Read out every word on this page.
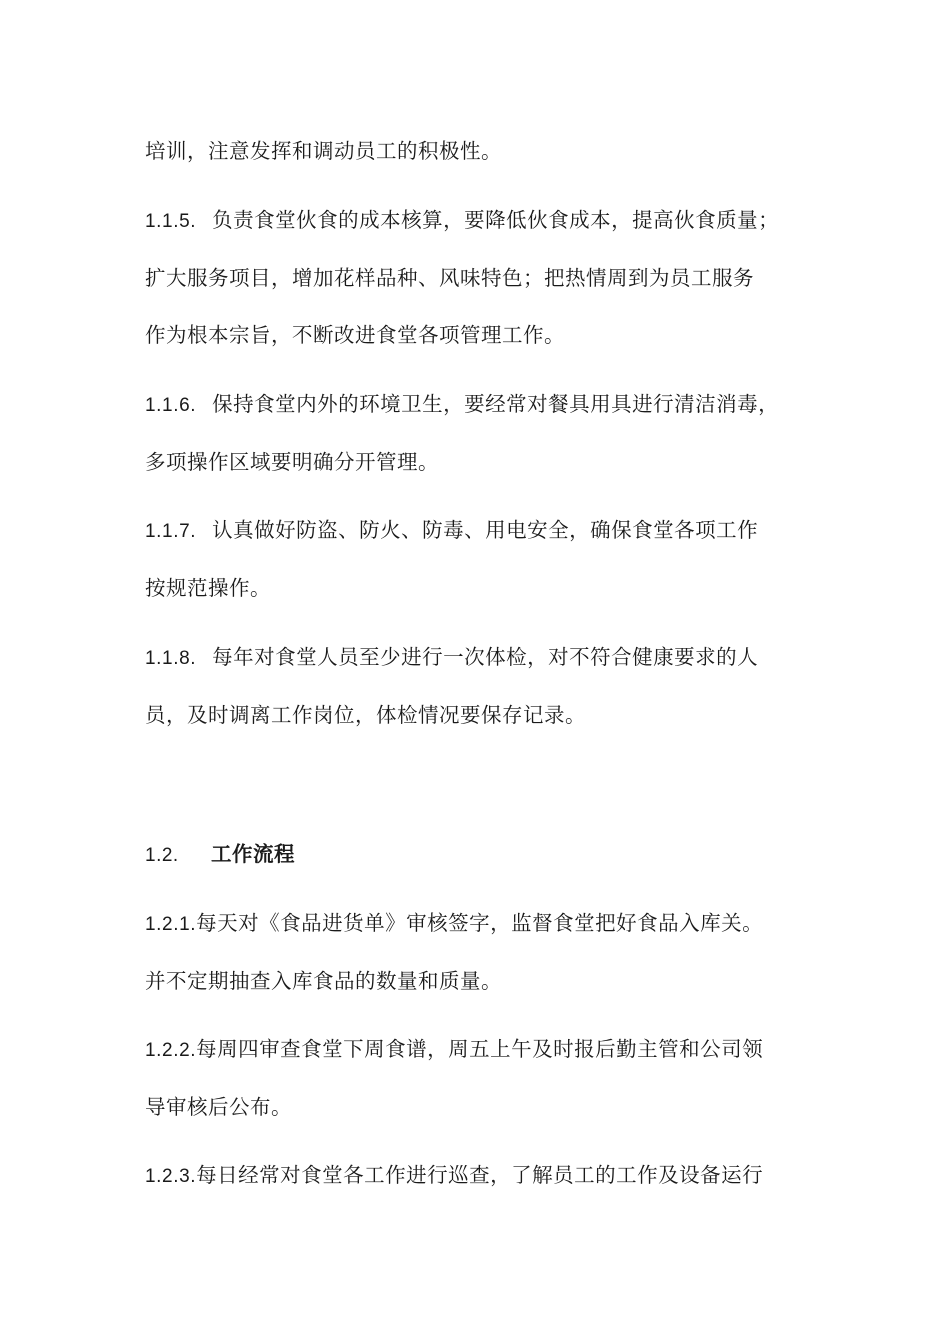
培训，注意发挥和调动员工的积极性。
1.1.5. 负责食堂伙食的成本核算，要降低伙食成本，提高伙食质量；
扩大服务项目，增加花样品种、风味特色；把热情周到为员工服务
作为根本宗旨，不断改进食堂各项管理工作。
1.1.6. 保持食堂内外的环境卫生，要经常对餐具用具进行清洁消毒，
多项操作区域要明确分开管理。
1.1.7. 认真做好防盗、防火、防毒、用电安全，确保食堂各项工作
按规范操作。
1.1.8. 每年对食堂人员至少进行一次体检，对不符合健康要求的人
员，及时调离工作岗位，体检情况要保存记录。
1.2. 工作流程
1.2.1.每天对《食品进货单》审核签字，监督食堂把好食品入库关。
并不定期抽查入库食品的数量和质量。
1.2.2.每周四审查食堂下周食谱，周五上午及时报后勤主管和公司领
导审核后公布。
1.2.3.每日经常对食堂各工作进行巡查，了解员工的工作及设备运行
